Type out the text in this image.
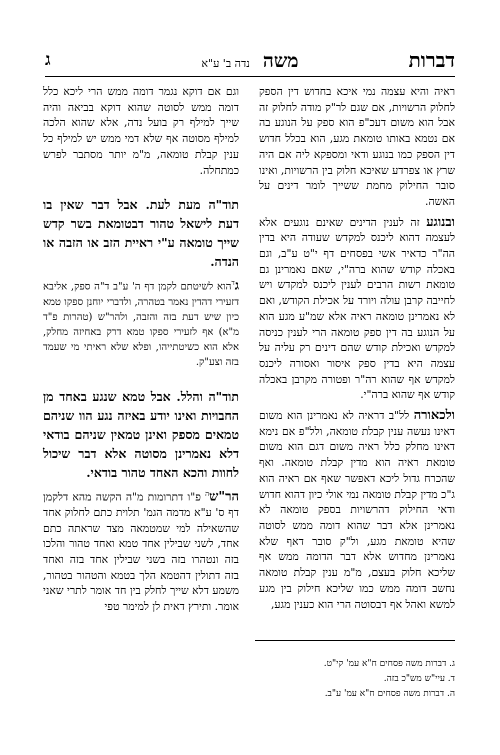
ג	משה נדה ב' ע"א	דברות

ראיה והיא עצמה נמי איכא בחדוש דין הספק לחלוק הרשויות, אם שגם לר"ק מודה לחלוק זה אבל הוא משום דעכ"פ הוא ספק על הנוגע בה אם נטמא באותו טומאת מגע, הוא בכלל חדוש דין הספק כמו בנוגע ודאי ומספקא ליה אם היה שרץ או צפרדע שאיכא חלוק בין הרשויות, ואינו סובר החילוק מחמת ששייך לומר דינים על האשה.

ובנוגע זה לענין הדינים שאינם נוגעים אלא לעצמה דהוא ליכנס למקדש שעודה היא בדין הה"ר כדאיר אשי בפסחים דף י"ט ע"ב, וגם באכלה קודש שהוא ברה"י, שאם נאמרינן גם טומאת רשות הרבים לענין ליכנס למקדש ויש לחייבה קרבן עולה ויורד על אכילת הקודש, ואם לא נאמרינן טומאה ראיה אלא שמ"ע מגע הוא על הנוגע בה דין ספק טומאה הרי לענין כניסה למקדש ואכילת קודש שהם דינים רק עליה על עצמה היא בדין ספק איסור ואסורה ליכנס למקדש אף שהוא רה"ר ופטורה מקרבן באכלה קודש אף שהוא ברה"י.

ולכאורה לל"ב דראיה לא נאמרינן הוא משום דאינו נעשה ענין קבלת טומאה, ולל"פ אם נימא דאינו מחלק כלל ראיה משום דגם הוא משום טומאת ראיה הוא מדין קבלת טומאה. ואף שהכרח גדול ליכא דאפשר שאף אם ראיה הוא ג"כ מדין קבלת טומאה נמי אולי כיון דהוא חדוש ודאי החילוק דהרשויות בספק טומאה לא נאמרינן אלא דבר שהוא דומה ממש לסוטה שהיא טומאת מגע, ול"ק סובר דאף שלא נאמרינן מחדוש אלא דבר הדומה ממש אף שליכא חלוק בעצם, מ"מ ענין קבלת טומאה נחשב דומה ממש כמו שליכא חילוק בין מגע למשא ואהל אף דבסוטה הרי הוא כענין מגע,

וגם אם דוקא נגמר דומה ממש הרי ליכא כלל דומה ממש לסוטה שהוא דוקא בביאה והיה שייך למילף רק בועל נדה, אלא שהוא הלכה למילף מסוטה אף שלא דמי ממש יש למילף כל ענין קבלת טומאה, מ"מ יותר מסתבר לפרש כמתחלה.

תוד"ה מעת לעת. אבל דבר שאין בו דעת לישאל טהור דבטומאת בשר קדש שייך טומאה ע"י ראיית הזב או הזבה או הנדה.

ג$^ד$הוא לשיטתם לקמן דף ה' ע"ב ד"ה ספק, אליבא דזעירי דהדין נאמר בטהרה, ולדברי יוחנן ספקו טמא כיון שיש דעת בזה והזבה, ולהר"ש (טהרות פ"ד מ"א) אף לזעירי ספקו טמא דרק באחיזה מחלק, אלא הוא כשיטתייהו, ופלא שלא ראיתי מי שעמד בזה וצע"ק.

תוד"ה והלל. אבל טמא שנגע באחד מן החבויות ואינו יודע באיזה נגע הוו שניהם טמאים מספק ואינן טמאין שניהם בודאי דלא נאמרינן מסוטה אלא דבר שיכול לחוות והכא האחד טהור בודאי.

הר"ש$^ה$ פ"ו דתרומות מ"ה הקשה מהא דלקמן דף ס' ע"א מדמה הגמ' תלוית כתם לחלוק אחד שהשאילה למי שמטמאה מצד שראתה כתם אחד, לשני שבילין אחד טמא ואחד טהור והלכו בזה ונטהרו בזה בשני שבילין אחד בזה ואחד בזה דתולין דהטמא הלך בטמא והטהור בטהור, משמע דלא שייך לחלק בין חד אומר לתרי שאני אומר. ותירץ דאית לן למימר טפי

ג. דברות משה פסחים ח"א עמ' קי"ט.
ד. עיי"ש מש"כ בזה.
ה. דברות משה פסחים ח"א עמ' ע"ב.
